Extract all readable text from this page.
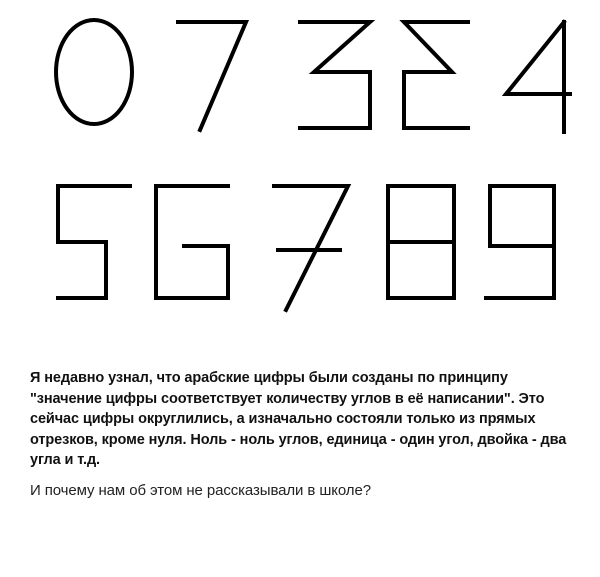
Я недавно узнал, что арабские цифры были созданы по принципу "значение цифры соответствует количеству углов в её написании". Это сейчас цифры округлились, а изначально состояли только из прямых отрезков, кроме нуля. Ноль - ноль углов, единица - один угол, двойка - два угла и т.д.

И почему нам об этом не рассказывали в школе?
